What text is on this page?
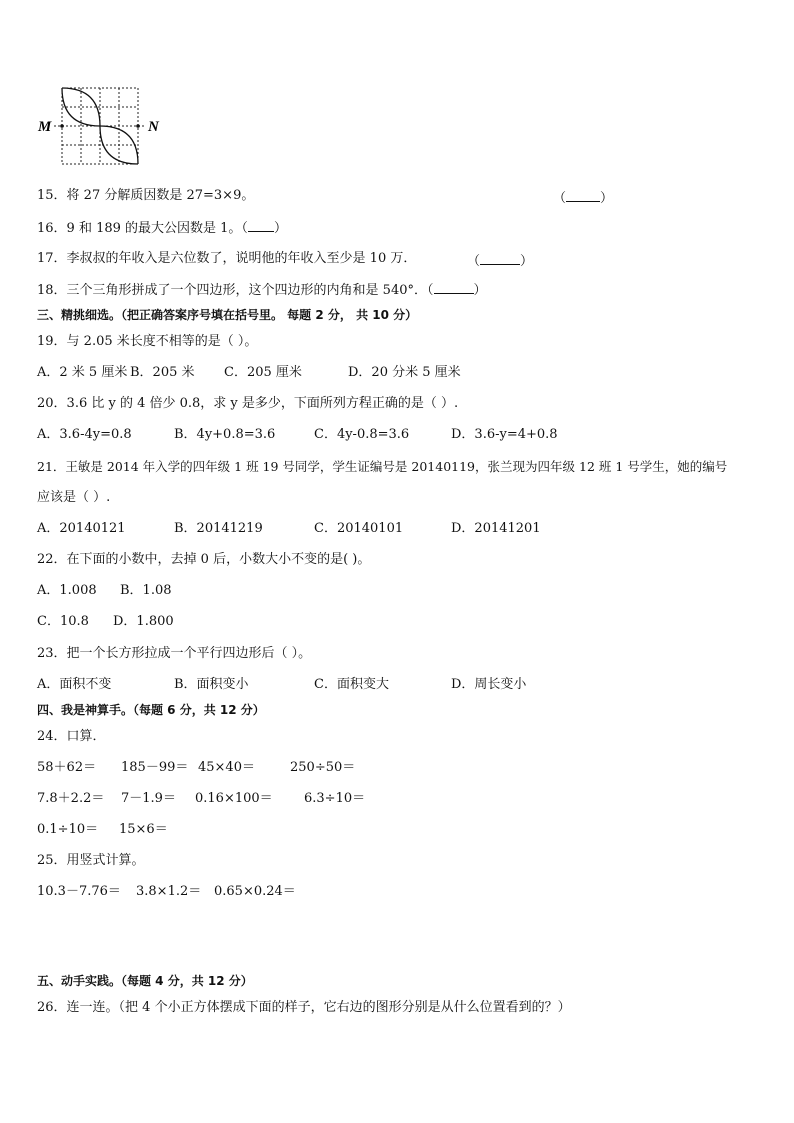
M	N
15．将 27 分解质因数是 27=3×9。	（	）
16．9 和 189 的最大公因数是 1。（ ）
17．李叔叔的年收入是六位数了，说明他的年收入至少是 10 万．	（	）
18．三个三角形拼成了一个四边形，这个四边形的内角和是 540°．（	）
三、精挑细选。（把正确答案序号填在括号里。 每题 2 分， 共 10 分）
19．与 2.05 米长度不相等的是（ ）。
A．2 米 5 厘米 B．205 米 C．205 厘米	D．20 分米 5 厘米
20．3.6 比 y 的 4 倍少 0.8，求 y 是多少，下面所列方程正确的是（ ）.
A．3.6-4y=0.8	B．4y+0.8=3.6	C．4y-0.8=3.6	D．3.6-y=4+0.8
21．王敏是 2014 年入学的四年级 1 班 19 号同学，学生证编号是 20140119，张兰现为四年级 12 班 1 号学生，她的编号
应该是（ ）.
A．20140121	B．20141219	C．20140101	D．20141201
22．在下面的小数中，去掉 0 后，小数大小不变的是( )。
A．1.008 B．1.08
C．10.8 D．1.800
23．把一个长方形拉成一个平行四边形后（ ）。
A．面积不变	B．面积变小	C．面积变大	D．周长变小
四、我是神算手。（每题 6 分，共 12 分）
24．口算．
58＋62＝ 185－99＝ 45×40＝	250÷50＝
7.8＋2.2＝ 7－1.9＝ 0.16×100＝ 6.3÷10＝
0.1÷10＝ 15×6＝
25．用竖式计算。
10.3－7.76＝ 3.8×1.2＝ 0.65×0.24＝
五、动手实践。（每题 4 分，共 12 分）
26．连一连。（把 4 个小正方体摆成下面的样子，它右边的图形分别是从什么位置看到的？）
